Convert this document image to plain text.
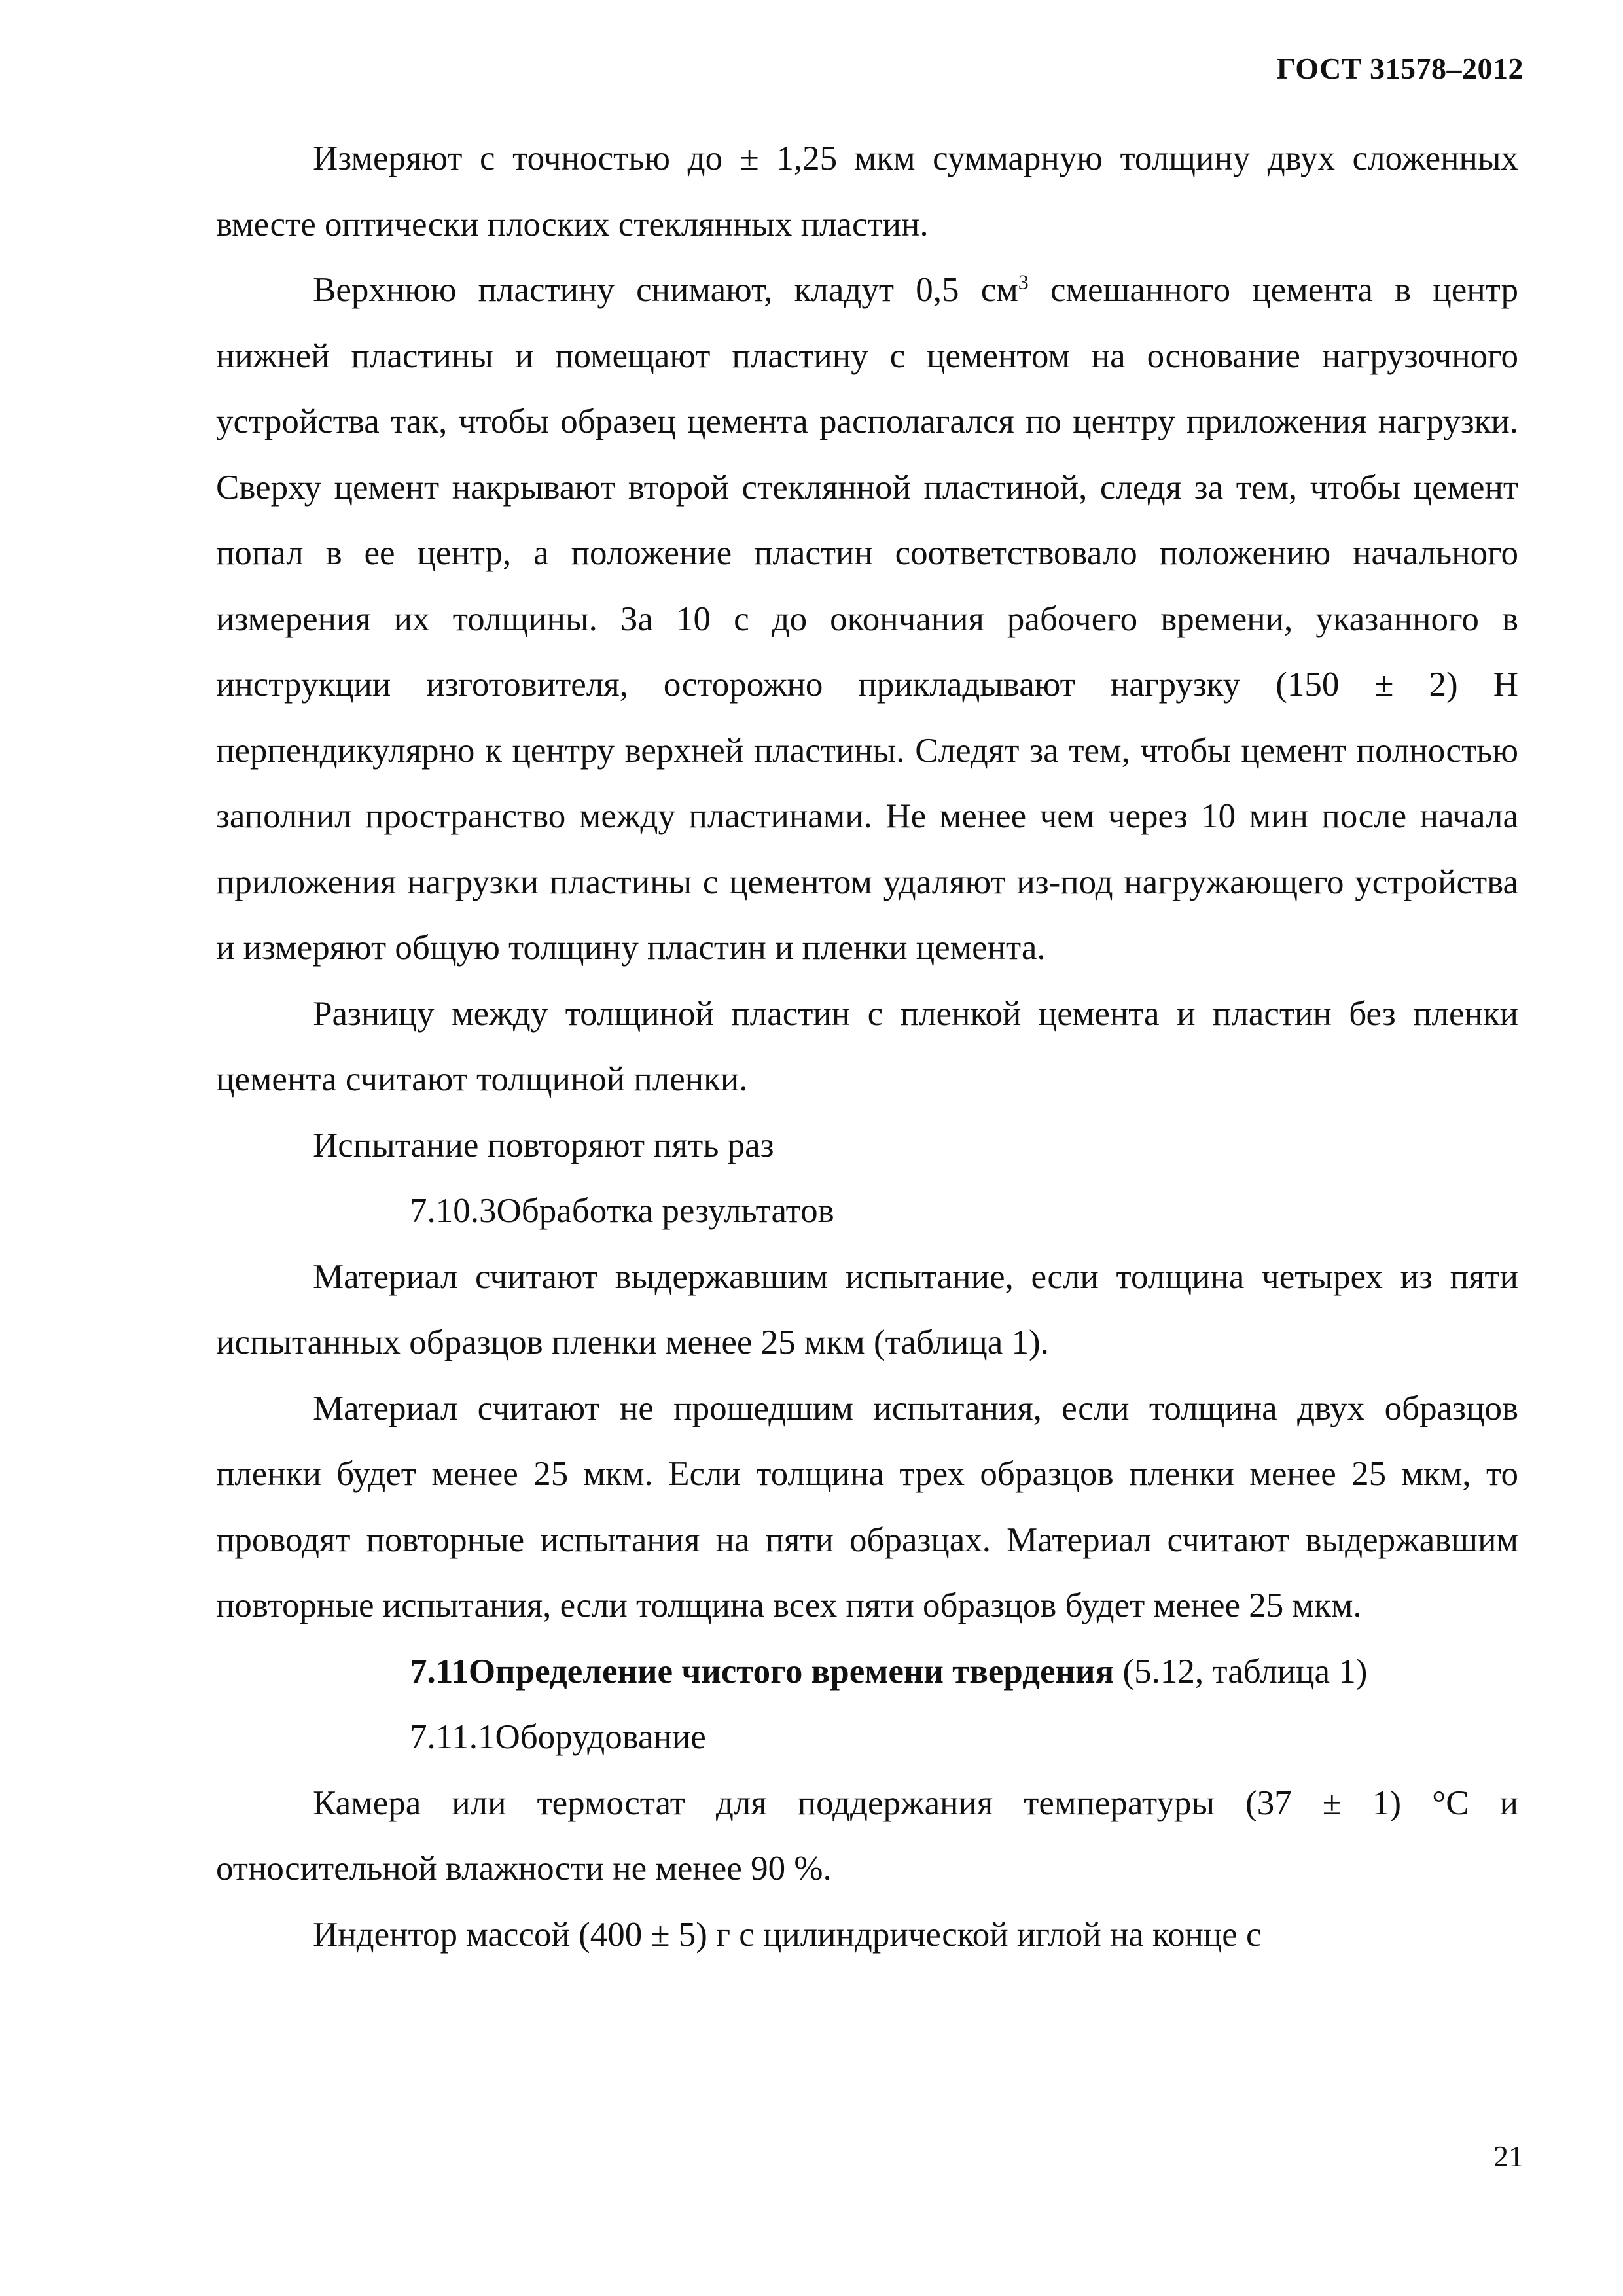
ГОСТ 31578–2012

Измеряют с точностью до ± 1,25 мкм суммарную толщину двух сложенных вместе оптически плоских стеклянных пластин.

Верхнюю пластину снимают, кладут 0,5 $см^3$ смешанного цемента в центр нижней пластины и помещают пластину с цементом на основание нагрузочного устройства так, чтобы образец цемента располагался по центру приложения нагрузки. Сверху цемент накрывают второй стеклянной пластиной, следя за тем, чтобы цемент попал в ее центр, а положение пластин соответствовало положению начального измерения их толщины. За 10 с до окончания рабочего времени, указанного в инструкции изготовителя, осторожно прикладывают нагрузку (150 ± 2) Н перпендикулярно к центру верхней пластины. Следят за тем, чтобы цемент полностью заполнил пространство между пластинами. Не менее чем через 10 мин после начала приложения нагрузки пластины с цементом удаляют из-под нагружающего устройства и измеряют общую толщину пластин и пленки цемента.

Разницу между толщиной пластин с пленкой цемента и пластин без пленки цемента считают толщиной пленки.

Испытание повторяют пять раз

7.10.3Обработка результатов

Материал считают выдержавшим испытание, если толщина четырех из пяти испытанных образцов пленки менее 25 мкм (таблица 1).

Материал считают не прошедшим испытания, если толщина двух образцов пленки будет менее 25 мкм. Если толщина трех образцов пленки менее 25 мкм, то проводят повторные испытания на пяти образцах. Материал считают выдержавшим повторные испытания, если толщина всех пяти образцов будет менее 25 мкм.

7.11Определение чистого времени твердения (5.12, таблица 1)

7.11.1Оборудование

Камера или термостат для поддержания температуры (37 ± 1) °С и относительной влажности не менее 90 %.

Индентор массой (400 ± 5) г с цилиндрической иглой на конце с

21
